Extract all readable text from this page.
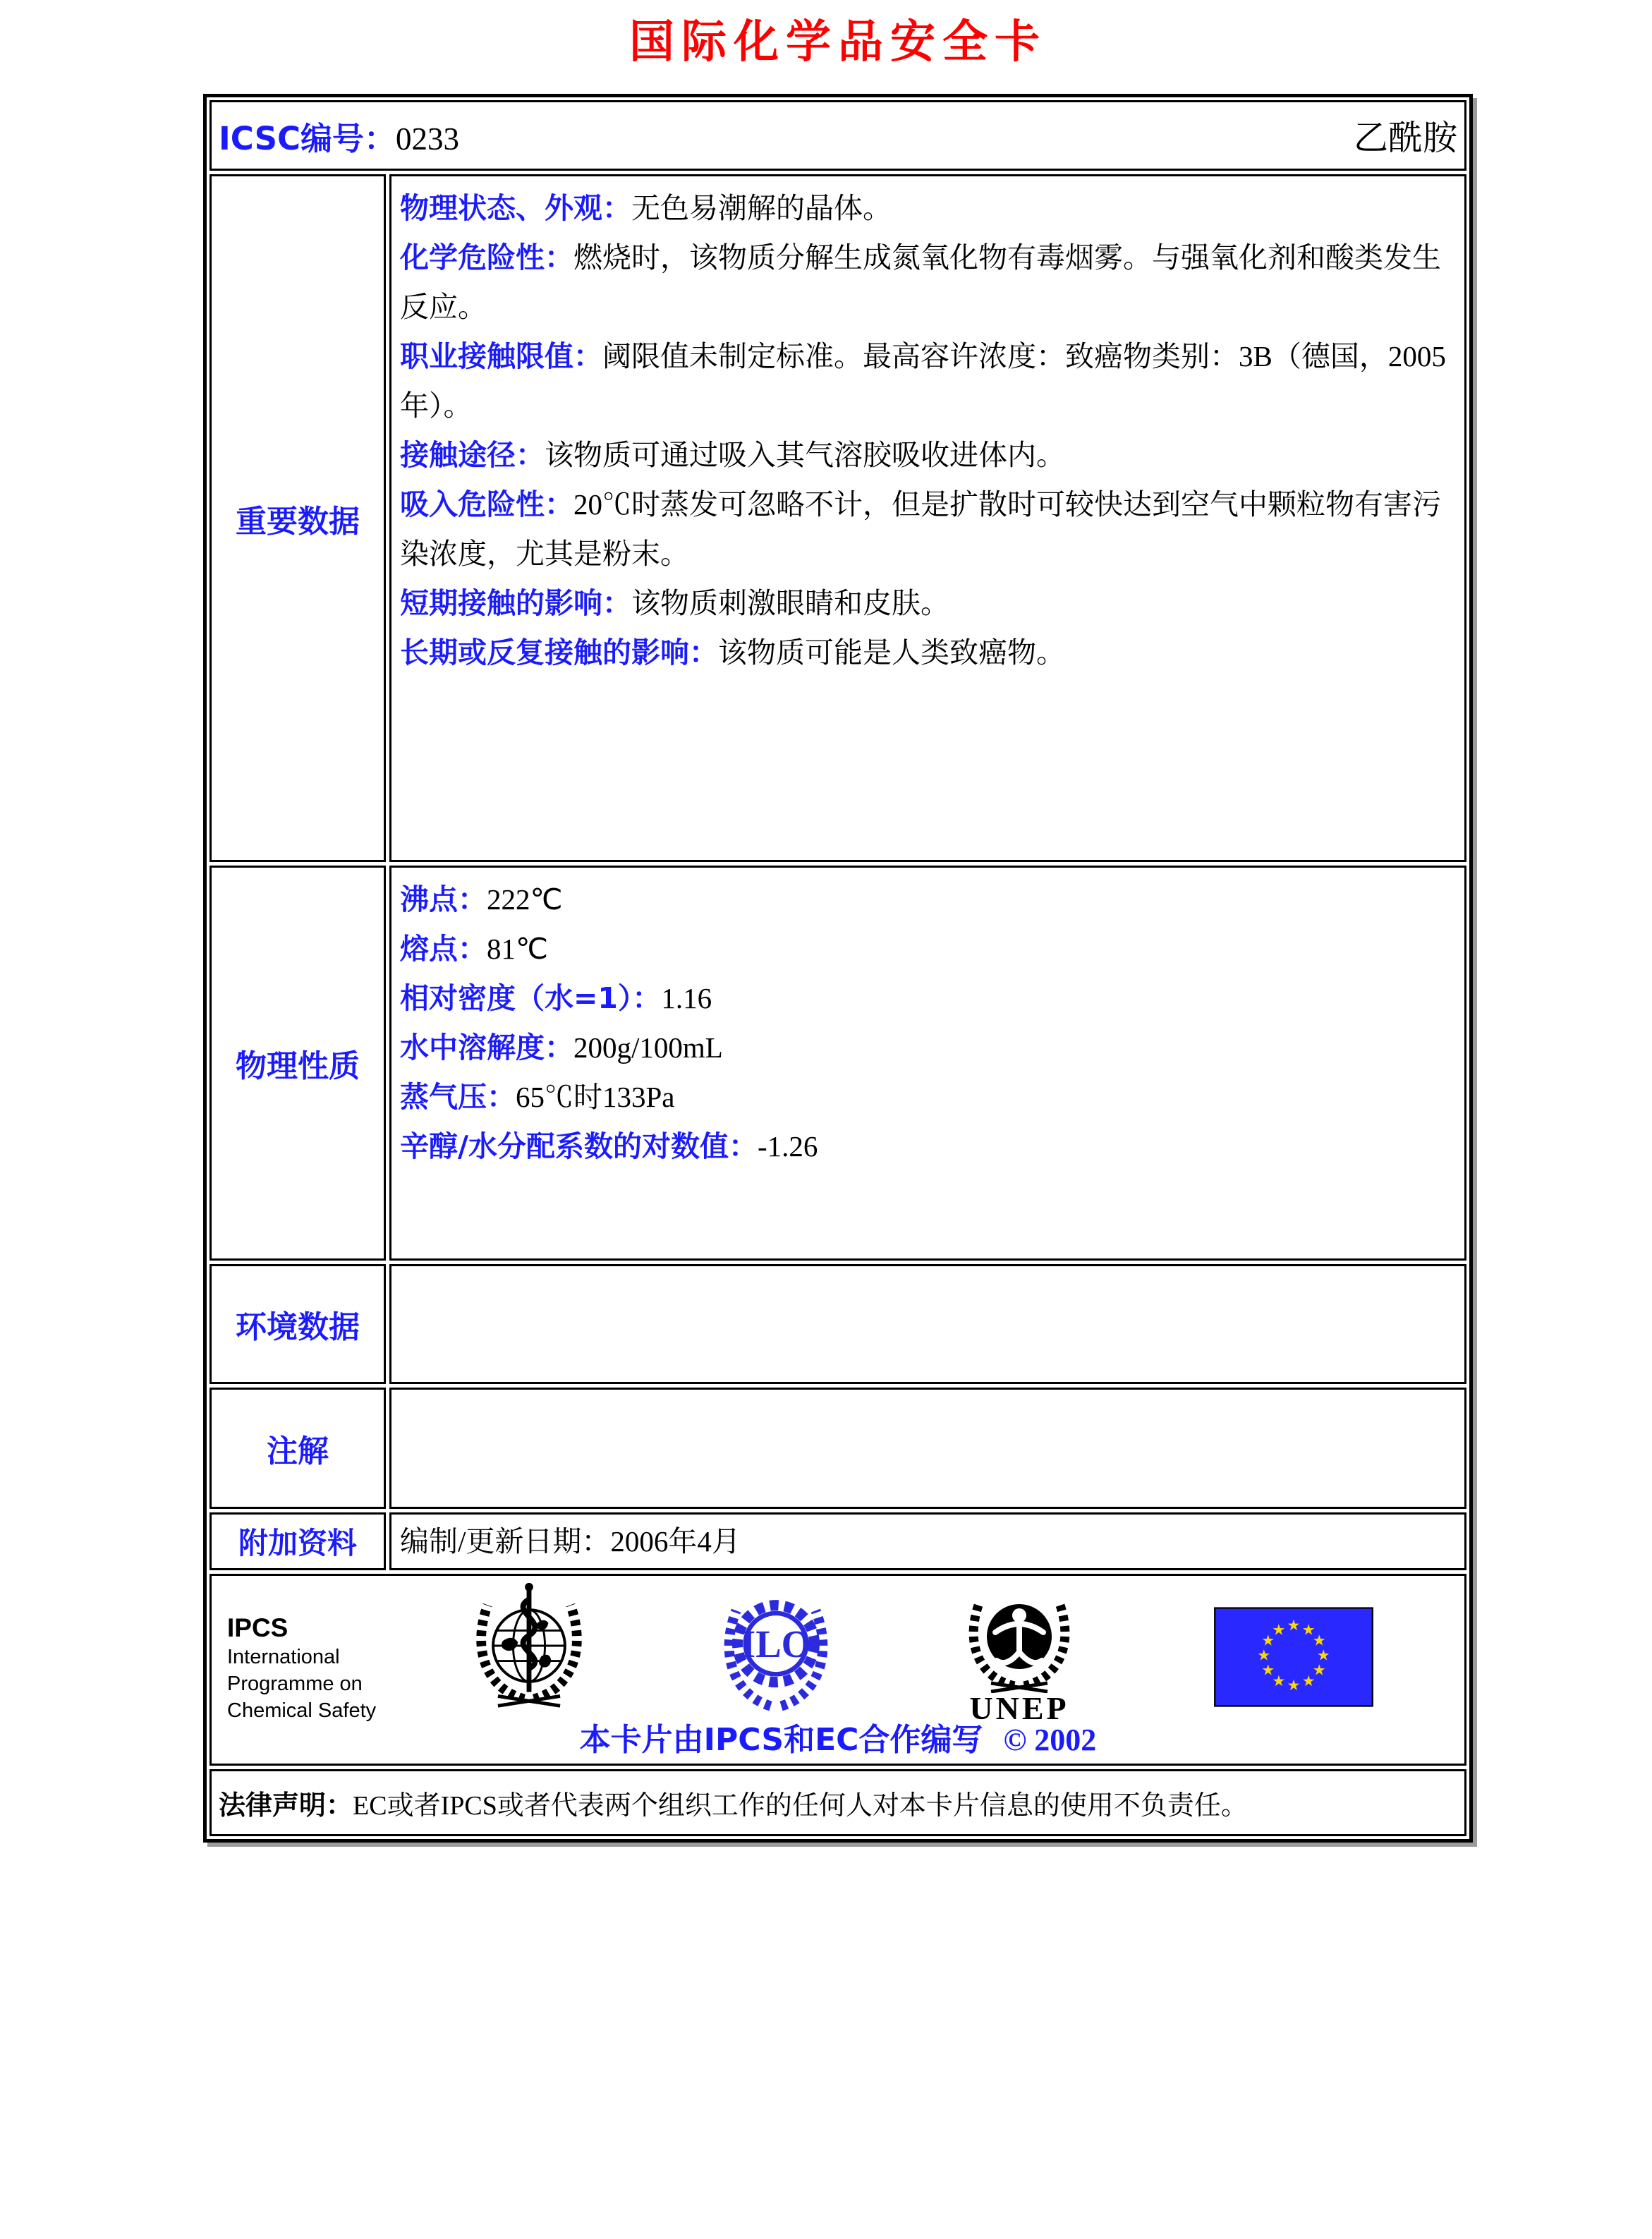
国际化学品安全卡
ICSC编号：0233	乙酰胺
重要数据

物理状态、外观：无色易潮解的晶体。

化学危险性：燃烧时，该物质分解生成氮氧化物有毒烟雾。与强氧化剂和酸类发生反应。

职业接触限值：阈限值未制定标准。最高容许浓度：致癌物类别：3B（德国，2005年）。

接触途径：该物质可通过吸入其气溶胶吸收进体内。

吸入危险性：20℃时蒸发可忽略不计，但是扩散时可较快达到空气中颗粒物有害污染浓度，尤其是粉末。

短期接触的影响：该物质刺激眼睛和皮肤。

长期或反复接触的影响：该物质可能是人类致癌物。

物理性质

沸点：222℃

熔点：81℃

相对密度（水=1）：1.16

水中溶解度：200g/100mL

蒸气压：65℃时133Pa

辛醇/水分配系数的对数值：-1.26

环境数据
注解
附加资料 编制/更新日期：2006年4月

IPCS
International
Programme on
Chemical Safety
ILO
UNEP
★ ★
★
★
★
★
★
★
★
★
★
★
本卡片由IPCS和EC合作编写 © 2002
法律声明： EC或者IPCS或者代表两个组织工作的任何人对本卡片信息的使用不负责任。
